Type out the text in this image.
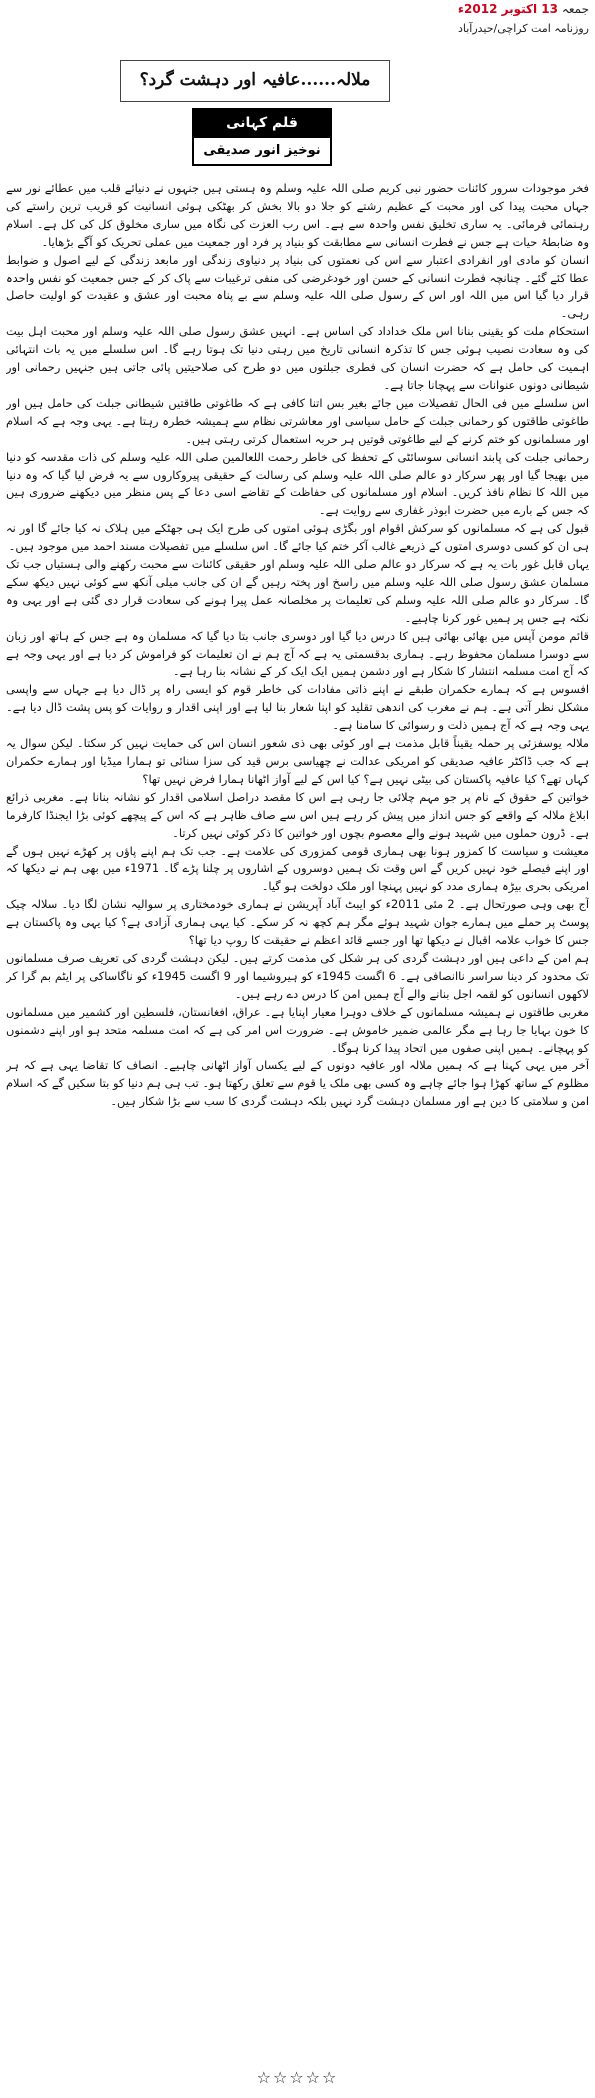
جمعہ 13 اکتوبر 2012ء
روزنامہ امت کراچی/حیدرآباد
ملالہ......عافیہ اور دہشت گرد؟
قلم کہانی
نوخیز انور صدیقی

فخر موجودات سرور کائنات حضور نبی کریم صلی اللہ علیہ وسلم وہ ہستی ہیں جنہوں نے دنیائے قلب میں عطائے نور سے جہاں محبت پیدا کی اور محبت کے عظیم رشتے کو جلا دو بالا بخش کر بھٹکی ہوئی انسانیت کو قریب ترین راستے کی رہنمائی فرمائی۔ یہ ساری تخلیق نفس واحدہ سے ہے۔ اس رب العزت کی نگاہ میں ساری مخلوق کل کی کل ہے۔ اسلام وہ ضابطۂ حیات ہے جس نے فطرت انسانی سے مطابقت کو بنیاد پر فرد اور جمعیت میں عملی تحریک کو آگے بڑھایا۔

انسان کو مادی اور انفرادی اعتبار سے اس کی نعمتوں کی بنیاد پر دنیاوی زندگی اور مابعد زندگی کے لیے اصول و ضوابط عطا کئے گئے۔ چنانچہ فطرت انسانی کے حسن اور خودغرضی کی منفی ترغیبات سے پاک کر کے جس جمعیت کو نفس واحدہ قرار دیا گیا اس میں اللہ اور اس کے رسول صلی اللہ علیہ وسلم سے بے پناہ محبت اور عشق و عقیدت کو اولیت حاصل رہی۔

استحکام ملت کو یقینی بنانا اس ملک خداداد کی اساس ہے۔ انہیں عشق رسول صلی اللہ علیہ وسلم اور محبت اہل بیت کی وہ سعادت نصیب ہوئی جس کا تذکرہ انسانی تاریخ میں رہتی دنیا تک ہوتا رہے گا۔ اس سلسلے میں یہ بات انتہائی اہمیت کی حامل ہے کہ حضرت انسان کی فطری جبلتوں میں دو طرح کی صلاحیتیں پائی جاتی ہیں جنہیں رحمانی اور شیطانی دونوں عنوانات سے پہچانا جاتا ہے۔

اس سلسلے میں فی الحال تفصیلات میں جائے بغیر بس اتنا کافی ہے کہ طاغوتی طاقتیں شیطانی جبلت کی حامل ہیں اور طاغوتی طاقتوں کو رحمانی جبلت کے حامل سیاسی اور معاشرتی نظام سے ہمیشہ خطرہ رہتا ہے۔ یہی وجہ ہے کہ اسلام اور مسلمانوں کو ختم کرنے کے لیے طاغوتی قوتیں ہر حربہ استعمال کرتی رہتی ہیں۔

رحمانی جبلت کی پابند انسانی سوسائٹی کے تحفظ کی خاطر رحمت اللعالمین صلی اللہ علیہ وسلم کی ذات مقدسہ کو دنیا میں بھیجا گیا اور پھر سرکار دو عالم صلی اللہ علیہ وسلم کی رسالت کے حقیقی پیروکاروں سے یہ فرض لیا گیا کہ وہ دنیا میں اللہ کا نظام نافذ کریں۔ اسلام اور مسلمانوں کی حفاظت کے تقاضے اسی دعا کے پس منظر میں دیکھنے ضروری ہیں کہ جس کے بارے میں حضرت ابوذر غفاری سے روایت ہے۔

قبول کی ہے کہ مسلمانوں کو سرکش اقوام اور بگڑی ہوئی امتوں کی طرح ایک ہی جھٹکے میں ہلاک نہ کیا جائے گا اور نہ ہی ان کو کسی دوسری امتوں کے ذریعے غالب آکر ختم کیا جائے گا۔ اس سلسلے میں تفصیلات مسند احمد میں موجود ہیں۔

یہاں قابل غور بات یہ ہے کہ سرکار دو عالم صلی اللہ علیہ وسلم اور حقیقی کائنات سے محبت رکھنے والی ہستیاں جب تک مسلمان عشق رسول صلی اللہ علیہ وسلم میں راسخ اور پختہ رہیں گے ان کی جانب میلی آنکھ سے کوئی نہیں دیکھ سکے گا۔ سرکار دو عالم صلی اللہ علیہ وسلم کی تعلیمات پر مخلصانہ عمل پیرا ہونے کی سعادت قرار دی گئی ہے اور یہی وہ نکتہ ہے جس پر ہمیں غور کرنا چاہیے۔

قائم مومن آپس میں بھائی بھائی ہیں کا درس دیا گیا اور دوسری جانب بتا دیا گیا کہ مسلمان وہ ہے جس کے ہاتھ اور زبان سے دوسرا مسلمان محفوظ رہے۔ ہماری بدقسمتی یہ ہے کہ آج ہم نے ان تعلیمات کو فراموش کر دیا ہے اور یہی وجہ ہے کہ آج امت مسلمہ انتشار کا شکار ہے اور دشمن ہمیں ایک ایک کر کے نشانہ بنا رہا ہے۔

افسوس ہے کہ ہمارے حکمران طبقے نے اپنے ذاتی مفادات کی خاطر قوم کو ایسی راہ پر ڈال دیا ہے جہاں سے واپسی مشکل نظر آتی ہے۔ ہم نے مغرب کی اندھی تقلید کو اپنا شعار بنا لیا ہے اور اپنی اقدار و روایات کو پس پشت ڈال دیا ہے۔ یہی وجہ ہے کہ آج ہمیں ذلت و رسوائی کا سامنا ہے۔

ملالہ یوسفزئی پر حملہ یقیناً قابل مذمت ہے اور کوئی بھی ذی شعور انسان اس کی حمایت نہیں کر سکتا۔ لیکن سوال یہ ہے کہ جب ڈاکٹر عافیہ صدیقی کو امریکی عدالت نے چھیاسی برس قید کی سزا سنائی تو ہمارا میڈیا اور ہمارے حکمران کہاں تھے؟ کیا عافیہ پاکستان کی بیٹی نہیں ہے؟ کیا اس کے لیے آواز اٹھانا ہمارا فرض نہیں تھا؟

خواتین کے حقوق کے نام پر جو مہم چلائی جا رہی ہے اس کا مقصد دراصل اسلامی اقدار کو نشانہ بنانا ہے۔ مغربی ذرائع ابلاغ ملالہ کے واقعے کو جس انداز میں پیش کر رہے ہیں اس سے صاف ظاہر ہے کہ اس کے پیچھے کوئی بڑا ایجنڈا کارفرما ہے۔ ڈرون حملوں میں شہید ہونے والے معصوم بچوں اور خواتین کا ذکر کوئی نہیں کرتا۔

معیشت و سیاست کا کمزور ہونا بھی ہماری قومی کمزوری کی علامت ہے۔ جب تک ہم اپنے پاؤں پر کھڑے نہیں ہوں گے اور اپنے فیصلے خود نہیں کریں گے اس وقت تک ہمیں دوسروں کے اشاروں پر چلنا پڑے گا۔ 1971ء میں بھی ہم نے دیکھا کہ امریکی بحری بیڑہ ہماری مدد کو نہیں پہنچا اور ملک دولخت ہو گیا۔

آج بھی وہی صورتحال ہے۔ 2 مئی 2011ء کو ایبٹ آباد آپریشن نے ہماری خودمختاری پر سوالیہ نشان لگا دیا۔ سلالہ چیک پوسٹ پر حملے میں ہمارے جوان شہید ہوئے مگر ہم کچھ نہ کر سکے۔ کیا یہی ہماری آزادی ہے؟ کیا یہی وہ پاکستان ہے جس کا خواب علامہ اقبال نے دیکھا تھا اور جسے قائد اعظم نے حقیقت کا روپ دیا تھا؟

ہم امن کے داعی ہیں اور دہشت گردی کی ہر شکل کی مذمت کرتے ہیں۔ لیکن دہشت گردی کی تعریف صرف مسلمانوں تک محدود کر دینا سراسر ناانصافی ہے۔ 6 اگست 1945ء کو ہیروشیما اور 9 اگست 1945ء کو ناگاساکی پر ایٹم بم گرا کر لاکھوں انسانوں کو لقمہ اجل بنانے والے آج ہمیں امن کا درس دے رہے ہیں۔

مغربی طاقتوں نے ہمیشہ مسلمانوں کے خلاف دوہرا معیار اپنایا ہے۔ عراق، افغانستان، فلسطین اور کشمیر میں مسلمانوں کا خون بہایا جا رہا ہے مگر عالمی ضمیر خاموش ہے۔ ضرورت اس امر کی ہے کہ امت مسلمہ متحد ہو اور اپنے دشمنوں کو پہچانے۔ ہمیں اپنی صفوں میں اتحاد پیدا کرنا ہوگا۔

آخر میں یہی کہنا ہے کہ ہمیں ملالہ اور عافیہ دونوں کے لیے یکساں آواز اٹھانی چاہیے۔ انصاف کا تقاضا یہی ہے کہ ہر مظلوم کے ساتھ کھڑا ہوا جائے چاہے وہ کسی بھی ملک یا قوم سے تعلق رکھتا ہو۔ تب ہی ہم دنیا کو بتا سکیں گے کہ اسلام امن و سلامتی کا دین ہے اور مسلمان دہشت گرد نہیں بلکہ دہشت گردی کا سب سے بڑا شکار ہیں۔

☆☆☆☆☆
